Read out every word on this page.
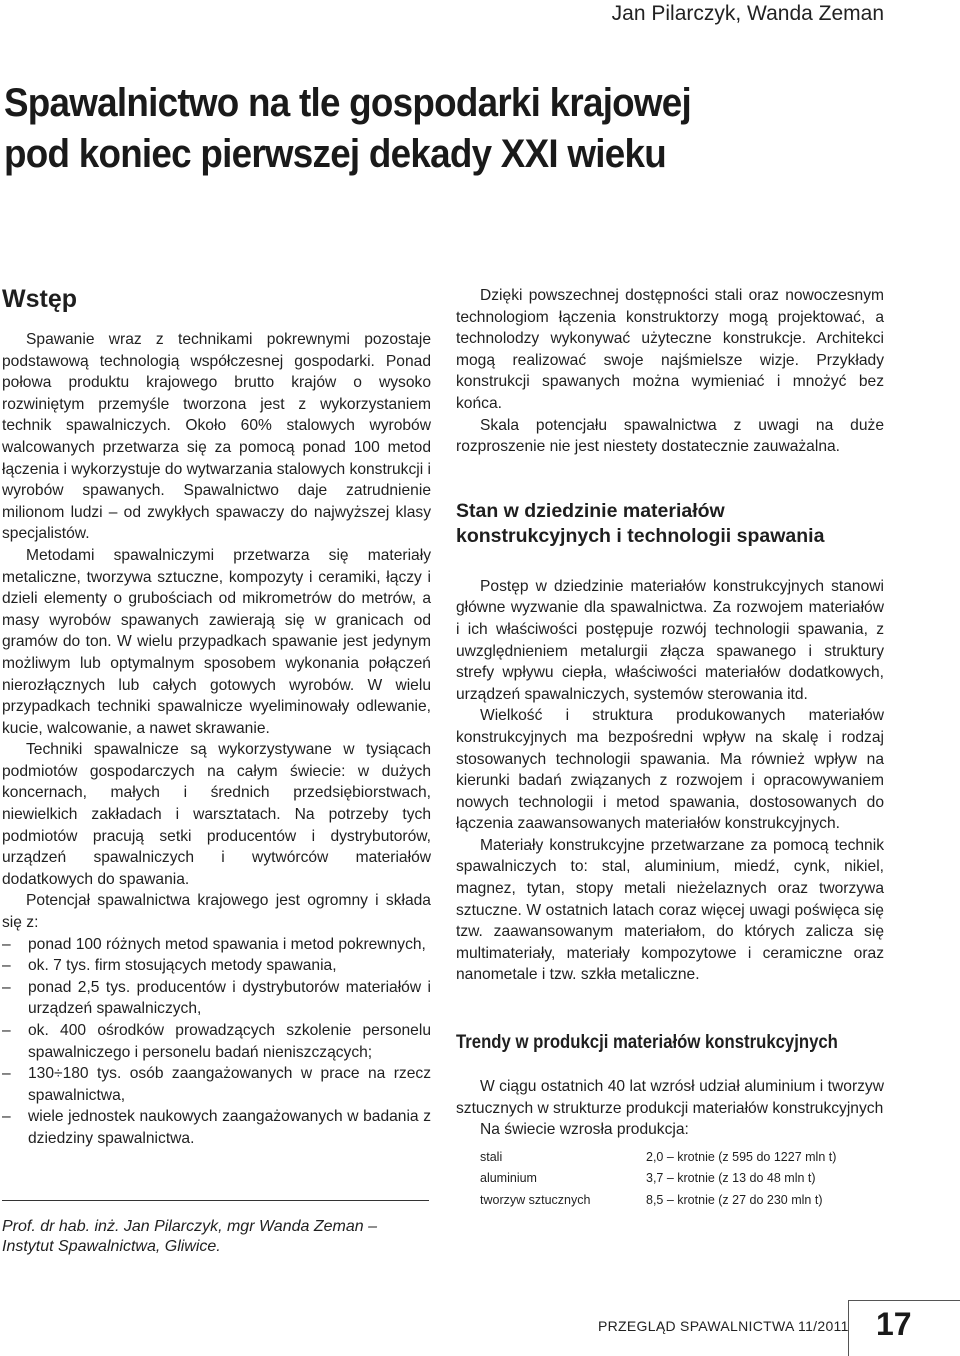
Jan Pilarczyk, Wanda Zeman
Spawalnictwo na tle gospodarki krajowej
pod koniec pierwszej dekady XXI wieku
Wstęp

Spawanie wraz z technikami pokrewnymi pozostaje podstawową technologią współczesnej gospodarki. Ponad połowa produktu krajowego brutto krajów o wysoko rozwiniętym przemyśle tworzona jest z wykorzystaniem technik spawalniczych. Około 60% stalowych wyrobów walcowanych przetwarza się za pomocą ponad 100 metod łączenia i wykorzystuje do wytwarzania stalowych konstrukcji i wyrobów spawanych. Spawalnictwo daje zatrudnienie milionom ludzi – od zwykłych spawaczy do najwyższej klasy specjalistów.

Metodami spawalniczymi przetwarza się materiały metaliczne, tworzywa sztuczne, kompozyty i ceramiki, łączy i dzieli elementy o grubościach od mikrometrów do metrów, a masy wyrobów spawanych zawierają się w granicach od gramów do ton. W wielu przypadkach spawanie jest jedynym możliwym lub optymalnym sposobem wykonania połączeń nierozłącznych lub całych gotowych wyrobów. W wielu przypadkach techniki spawalnicze wyeliminowały odlewanie, kucie, walcowanie, a nawet skrawanie.

Techniki spawalnicze są wykorzystywane w tysiącach podmiotów gospodarczych na całym świecie: w dużych koncernach, małych i średnich przedsiębiorstwach, niewielkich zakładach i warsztatach. Na potrzeby tych podmiotów pracują setki producentów i dystrybutorów, urządzeń spawalniczych i wytwórców materiałów dodatkowych do spawania.

Potencjał spawalnictwa krajowego jest ogromny i składa się z:

– ponad 100 różnych metod spawania i metod pokrewnych,
– ok. 7 tys. firm stosujących metody spawania,
– ponad 2,5 tys. producentów i dystrybutorów materiałów i urządzeń spawalniczych,
– ok. 400 ośrodków prowadzących szkolenie personelu spawalniczego i personelu badań nieniszczących;
– 130÷180 tys. osób zaangażowanych w prace na rzecz spawalnictwa,
– wiele jednostek naukowych zaangażowanych w badania z dziedziny spawalnictwa.
Prof. dr hab. inż. Jan Pilarczyk, mgr Wanda Zeman –
Instytut Spawalnictwa, Gliwice.

Dzięki powszechnej dostępności stali oraz nowoczesnym technologiom łączenia konstruktorzy mogą projektować, a technolodzy wykonywać użyteczne konstrukcje. Architekci mogą realizować swoje najśmielsze wizje. Przykłady konstrukcji spawanych można wymieniać i mnożyć bez końca.

Skala potencjału spawalnictwa z uwagi na duże rozproszenie nie jest niestety dostatecznie zauważalna.

Stan w dziedzinie materiałów
konstrukcyjnych i technologii spawania

Postęp w dziedzinie materiałów konstrukcyjnych stanowi główne wyzwanie dla spawalnictwa. Za rozwojem materiałów i ich właściwości postępuje rozwój technologii spawania, z uwzględnieniem metalurgii złącza spawanego i struktury strefy wpływu ciepła, właściwości materiałów dodatkowych, urządzeń spawalniczych, systemów sterowania itd.

Wielkość i struktura produkowanych materiałów konstrukcyjnych ma bezpośredni wpływ na skalę i rodzaj stosowanych technologii spawania. Ma również wpływ na kierunki badań związanych z rozwojem i opracowywaniem nowych technologii i metod spawania, dostosowanych do łączenia zaawansowanych materiałów konstrukcyjnych.

Materiały konstrukcyjne przetwarzane za pomocą technik spawalniczych to: stal, aluminium, miedź, cynk, nikiel, magnez, tytan, stopy metali nieżelaznych oraz tworzywa sztuczne. W ostatnich latach coraz więcej uwagi poświęca się tzw. zaawansowanym materiałom, do których zalicza się multimateriały, materiały kompozytowe i ceramiczne oraz nanometale i tzw. szkła metaliczne.

Trendy w produkcji materiałów konstrukcyjnych

W ciągu ostatnich 40 lat wzrósł udział aluminium i tworzyw sztucznych w strukturze produkcji materiałów konstrukcyjnych

Na świecie wzrosła produkcja:

stali	2,0 – krotnie (z 595 do 1227 mln t)
aluminium	3,7 – krotnie (z 13 do 48 mln t)
tworzyw sztucznych	8,5 – krotnie (z 27 do 230 mln t)
PRZEGLĄD SPAWALNICTWA 11/2011 17
